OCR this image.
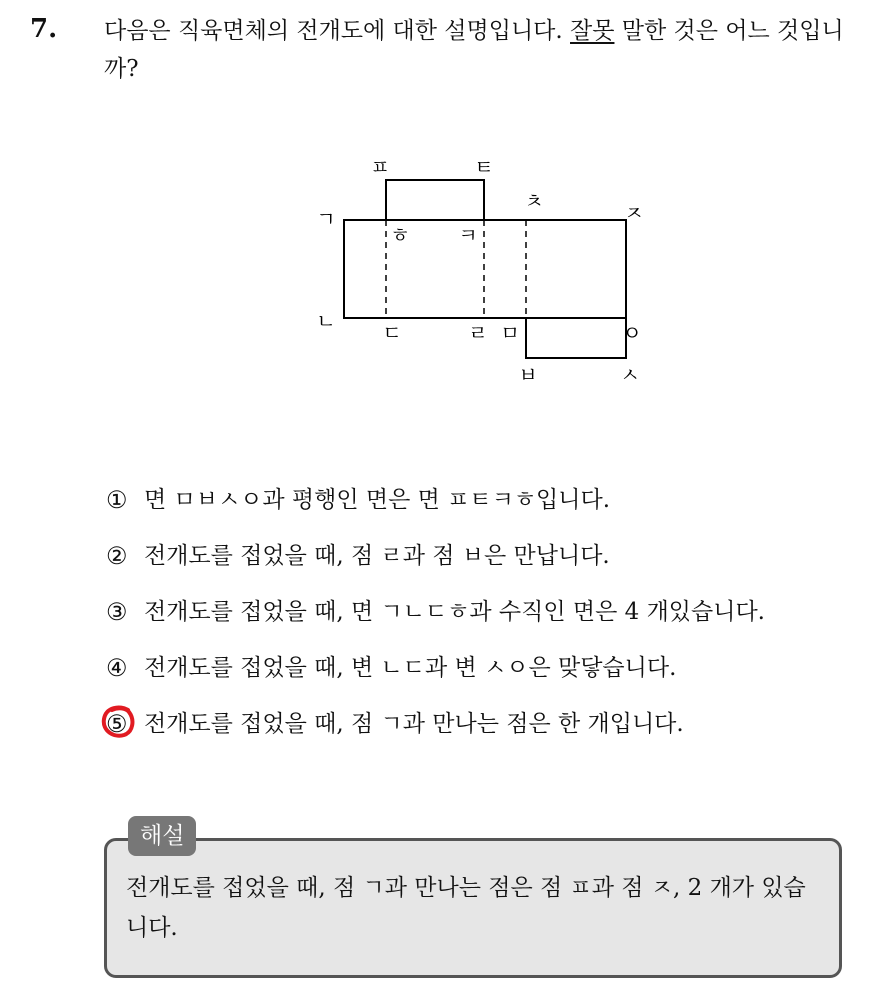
7. 다음은 직육면체의 전개도에 대한 설명입니다. 잘못 말한 것은 어느 것입니까?
ㅍ	ㅌ
ㅊ	ㅈ
ㄱ
ㅎ ㅋ
ㄴ ㄷ	ㄹ ㅁ	ㅇ
ㅂ	ㅅ
① 면 ㅁㅂㅅㅇ과 평행인 면은 면 ㅍㅌㅋㅎ입니다.
② 전개도를 접었을 때, 점 ㄹ과 점 ㅂ은 만납니다.
③ 전개도를 접었을 때, 면 ㄱㄴㄷㅎ과 수직인 면은 4 개있습니다.
④ 전개도를 접었을 때, 변 ㄴㄷ과 변 ㅅㅇ은 맞닿습니다.
⑤ 전개도를 접었을 때, 점 ㄱ과 만나는 점은 한 개입니다.
해설
전개도를 접었을 때, 점 ㄱ과 만나는 점은 점 ㅍ과 점 ㅈ, 2 개가 있습니다.
